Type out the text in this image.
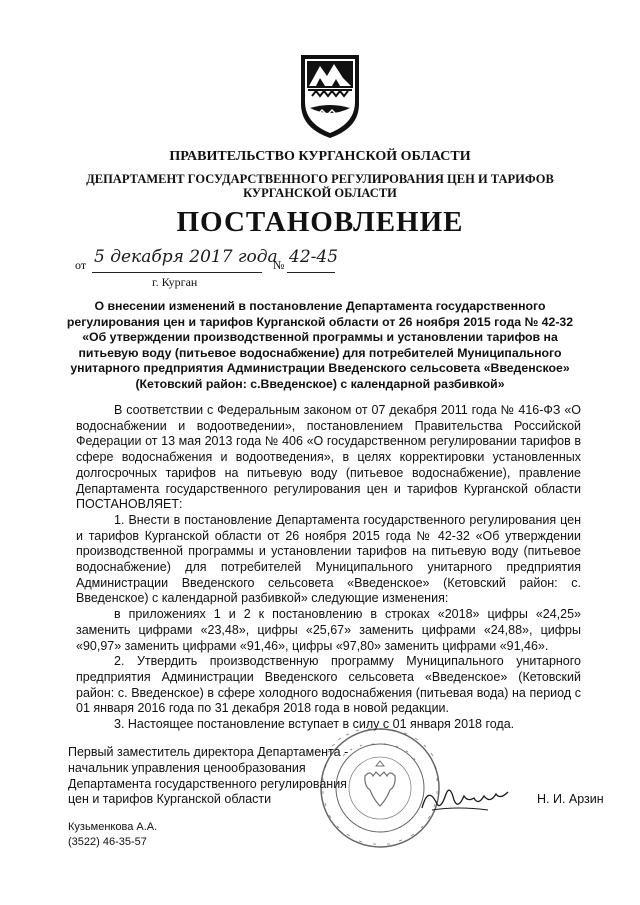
ПРАВИТЕЛЬСТВО КУРГАНСКОЙ ОБЛАСТИ
ДЕПАРТАМЕНТ ГОСУДАРСТВЕННОГО РЕГУЛИРОВАНИЯ ЦЕН И ТАРИФОВ
КУРГАНСКОЙ ОБЛАСТИ
ПОСТАНОВЛЕНИЕ
от 5 декабря 2017 года
№ 42-45
г. Курган
О внесении изменений в постановление Департамента государственного регулирования цен и тарифов Курганской области от 26 ноября 2015 года № 42-32 «Об утверждении производственной программы и установлении тарифов на питьевую воду (питьевое водоснабжение) для потребителей Муниципального унитарного предприятия Администрации Введенского сельсовета «Введенское» (Кетовский район: с.Введенское) с календарной разбивкой»

В соответствии с Федеральным законом от 07 декабря 2011 года № 416-ФЗ «О водоснабжении и водоотведении», постановлением Правительства Российской Федерации от 13 мая 2013 года № 406 «О государственном регулировании тарифов в сфере водоснабжения и водоотведения», в целях корректировки установленных долгосрочных тарифов на питьевую воду (питьевое водоснабжение), правление Департамента государственного регулирования цен и тарифов Курганской области ПОСТАНОВЛЯЕТ:

1. Внести в постановление Департамента государственного регулирования цен и тарифов Курганской области от 26 ноября 2015 года № 42-32 «Об утверждении производственной программы и установлении тарифов на питьевую воду (питьевое водоснабжение) для потребителей Муниципального унитарного предприятия Администрации Введенского сельсовета «Введенское» (Кетовский район: с. Введенское) с календарной разбивкой» следующие изменения:

в приложениях 1 и 2 к постановлению в строках «2018» цифры «24,25» заменить цифрами «23,48», цифры «25,67» заменить цифрами «24,88», цифры «90,97» заменить цифрами «91,46», цифры «97,80» заменить цифрами «91,46».

2. Утвердить производственную программу Муниципального унитарного предприятия Администрации Введенского сельсовета «Введенское» (Кетовский район: с. Введенское) в сфере холодного водоснабжения (питьевая вода) на период с 01 января 2016 года по 31 декабря 2018 года в новой редакции.

3. Настоящее постановление вступает в силу с 01 января 2018 года.

Первый заместитель директора Департамента -
начальник управления ценообразования
Департамента государственного регулирования
цен и тарифов Курганской области	Н. И. Арзин
Кузьменкова А.А.
(3522) 46-35-57
